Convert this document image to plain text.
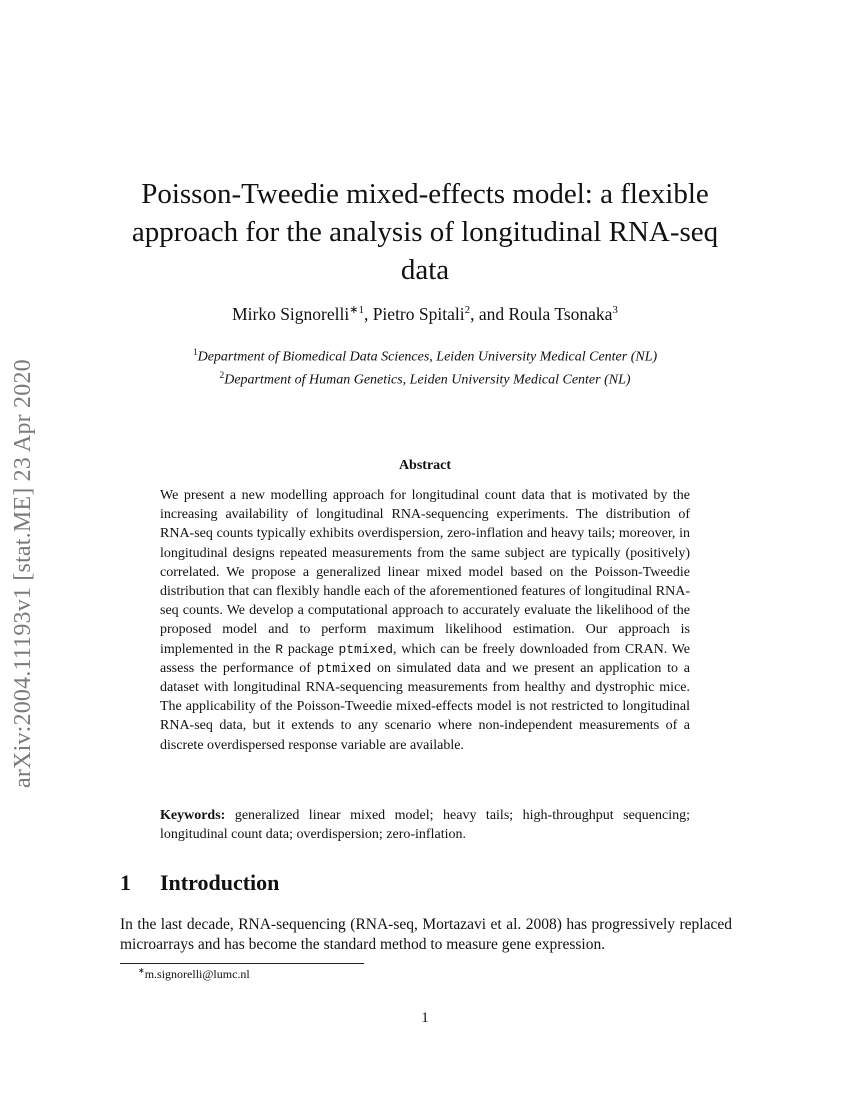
arXiv:2004.11193v1 [stat.ME] 23 Apr 2020
Poisson-Tweedie mixed-effects model: a flexible
approach for the analysis of longitudinal RNA-seq
data
Mirko Signorelli$^{∗1}$, Pietro Spitali$^2$, and Roula Tsonaka$^3$
$^1$Department of Biomedical Data Sciences, Leiden University Medical Center (NL)
$^2$Department of Human Genetics, Leiden University Medical Center (NL)
Abstract
We present a new modelling approach for longitudinal count data that is motivated by the increasing availability of longitudinal RNA-sequencing experiments. The distribution of RNA-seq counts typically exhibits overdispersion, zero-inflation and heavy tails; moreover, in longitudinal designs repeated measurements from the same subject are typically (positively) correlated. We propose a generalized linear mixed model based on the Poisson-Tweedie distribution that can flexibly handle each of the aforementioned features of longitudinal RNA-seq counts. We develop a computational approach to accurately evaluate the likelihood of the proposed model and to perform maximum likelihood estimation. Our approach is implemented in the R package ptmixed, which can be freely downloaded from CRAN. We assess the performance of ptmixed on simulated data and we present an application to a dataset with longitudinal RNA-sequencing measurements from healthy and dystrophic mice. The applicability of the Poisson-Tweedie mixed-effects model is not restricted to longitudinal RNA-seq data, but it extends to any scenario where non-independent measurements of a discrete overdispersed response variable are available.
Keywords: generalized linear mixed model; heavy tails; high-throughput sequencing; longitudinal count data; overdispersion; zero-inflation.
1 Introduction
In the last decade, RNA-sequencing (RNA-seq, Mortazavi et al. 2008) has progressively replaced microarrays and has become the standard method to measure gene expression.
∗m.signorelli@lumc.nl
1
